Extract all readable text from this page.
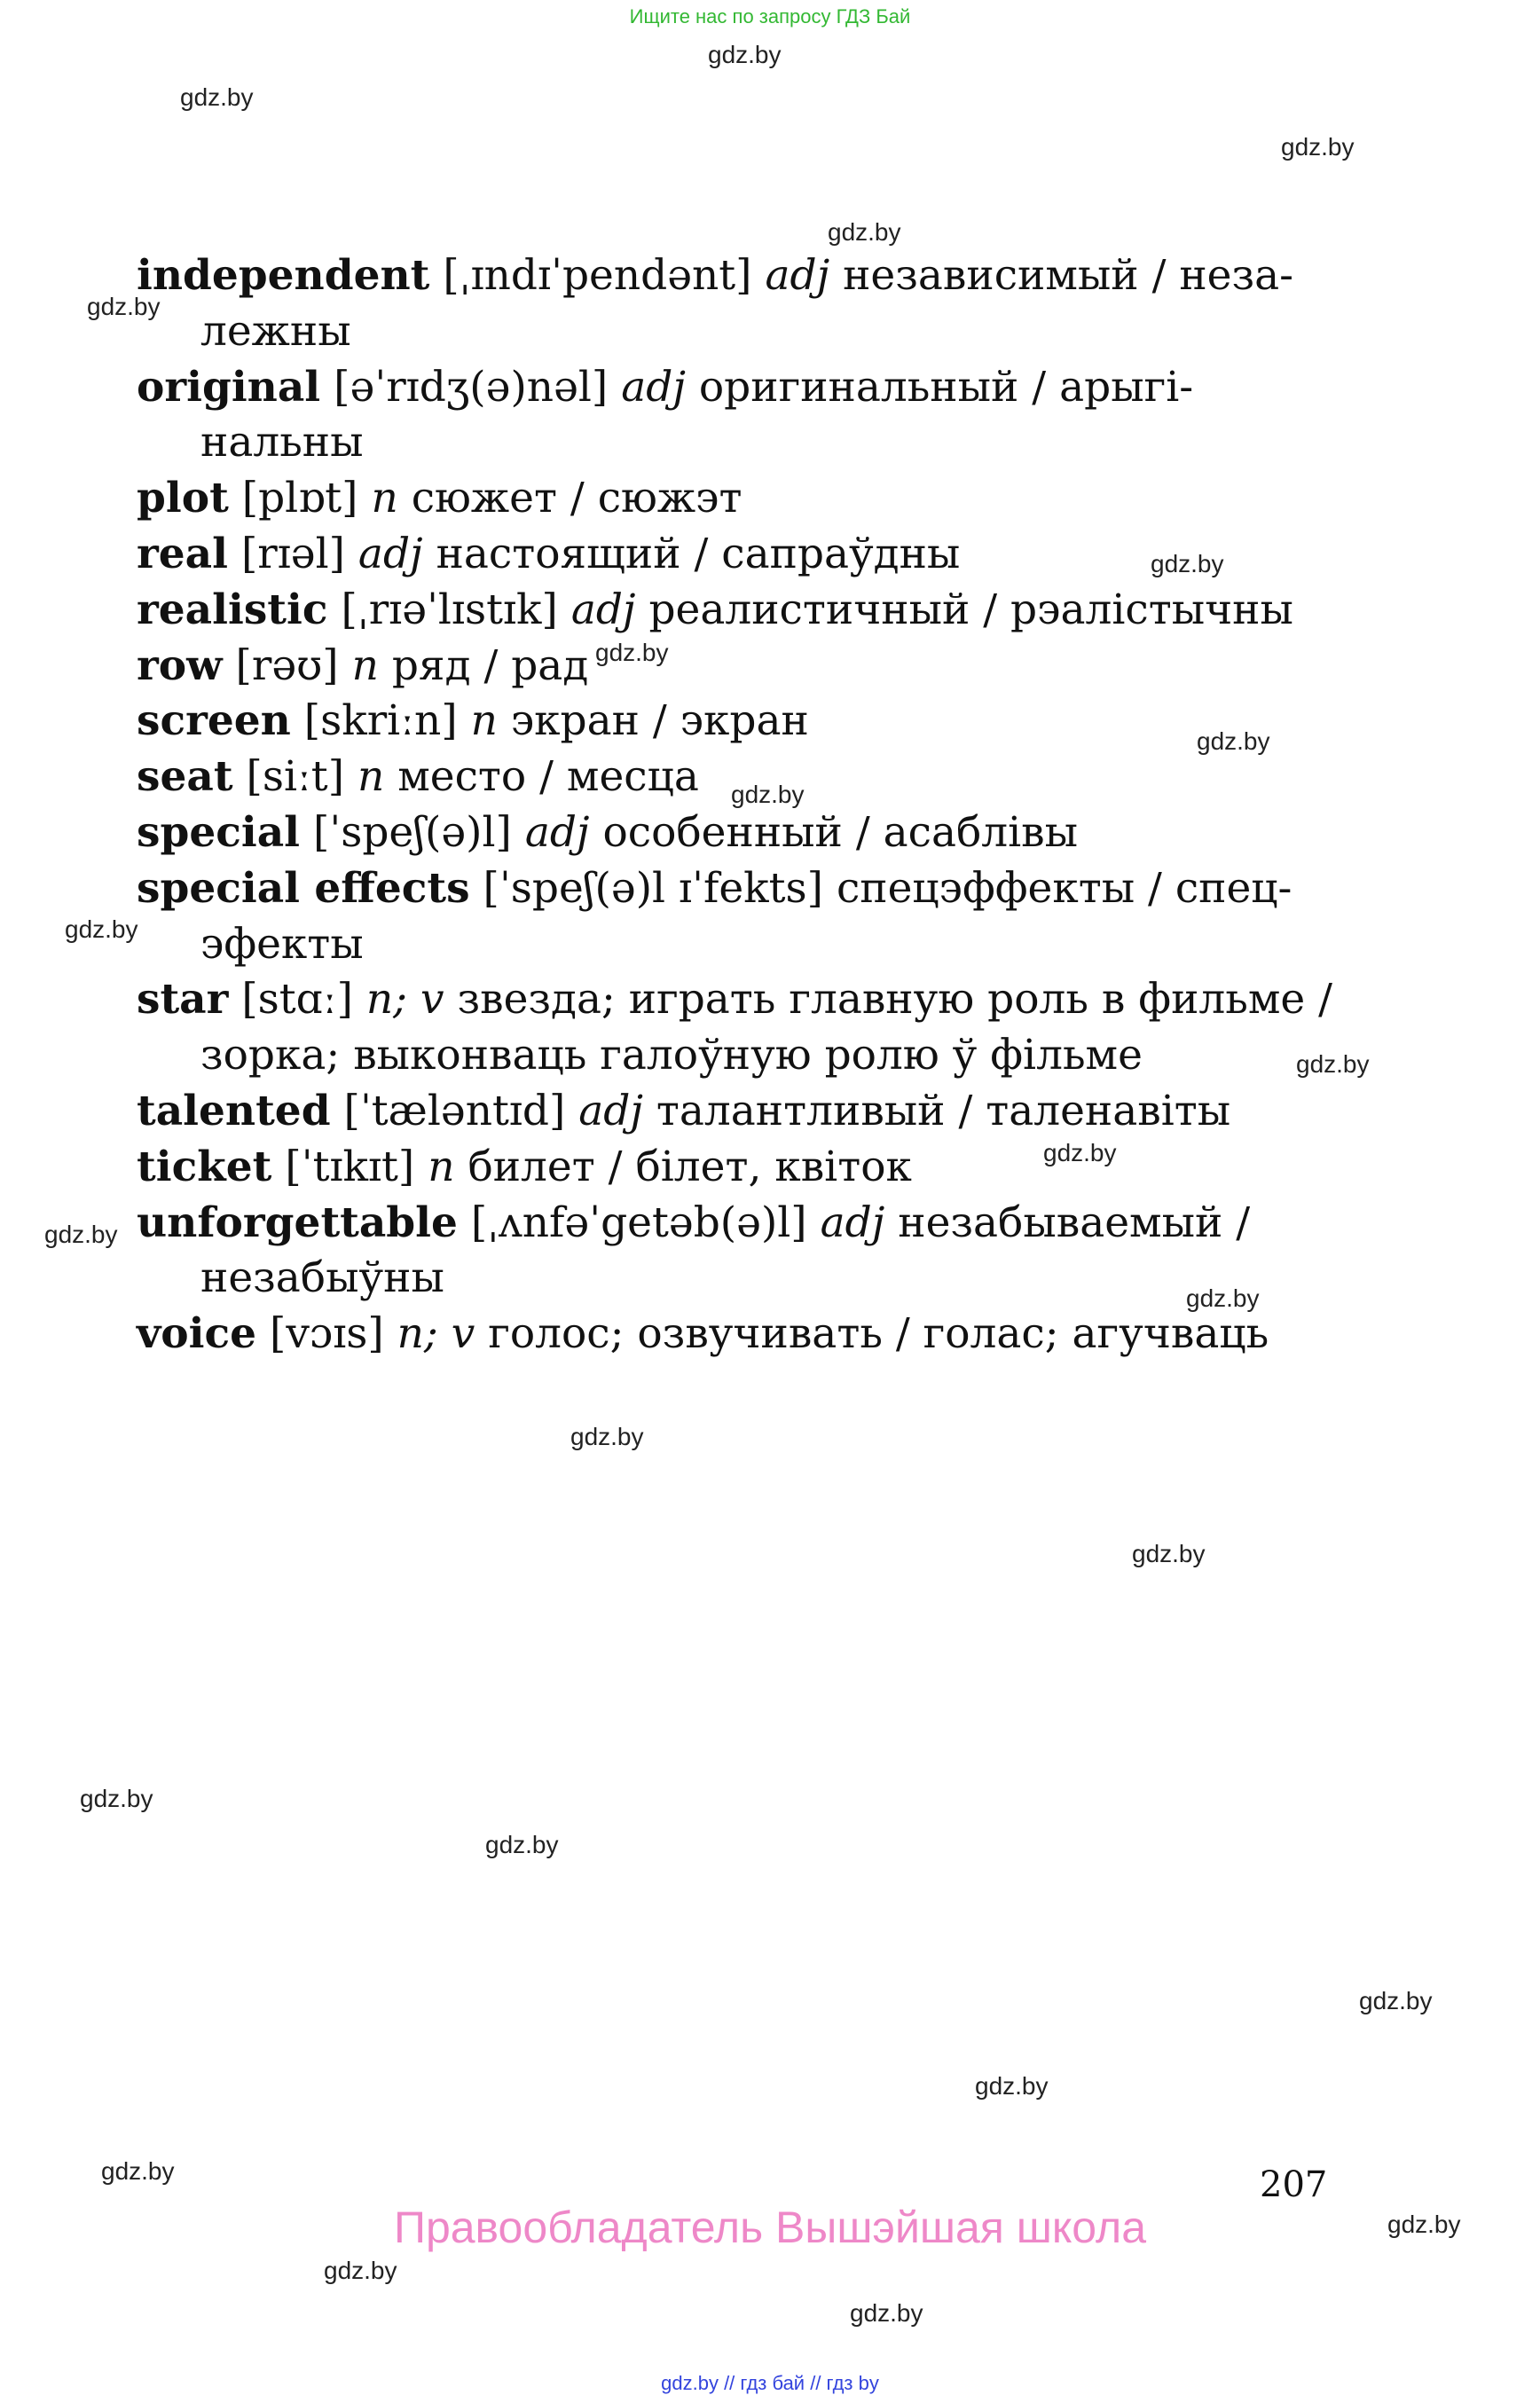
Ищите нас по запросу ГДЗ Бай
gdz.by
gdz.by
gdz.by
gdz.by
gdz.by
gdz.by
gdz.by
gdz.by
gdz.by
gdz.by
gdz.by
gdz.by
gdz.by
gdz.by
gdz.by
gdz.by
gdz.by
gdz.by
gdz.by
gdz.by
gdz.by
gdz.by
gdz.by
gdz.by
independent [ˌɪndɪˈpendənt] adj независимый / неза-
лежны
original [əˈrɪdʒ(ə)nəl] adj оригинальный / арыгі-
нальны
plot [plɒt] n сюжет / сюжэт
real [rɪəl] adj настоящий / сапраўдны
realistic [ˌrɪəˈlɪstɪk] adj реалистичный / рэалістычны
row [rəʊ] n ряд / рад
screen [skriːn] n экран / экран
seat [siːt] n место / месца
special [ˈspeʃ(ə)l] adj особенный / асаблівы
special effects [ˈspeʃ(ə)l ɪˈfekts] спецэффекты / спец-
эфекты
star [stɑː] n; v звезда; играть главную роль в фильме /
зорка; выконваць галоўную ролю ў фільме
talented [ˈtæləntɪd] adj талантливый / таленавіты
ticket [ˈtɪkɪt] n билет / білет, квіток
unforgettable [ˌʌnfəˈgetəb(ə)l] adj незабываемый /
незабыўны
voice [vɔɪs] n; v голос; озвучивать / голас; агучваць
207
Правообладатель Вышэйшая школа
gdz.by // гдз бай // гдз by
